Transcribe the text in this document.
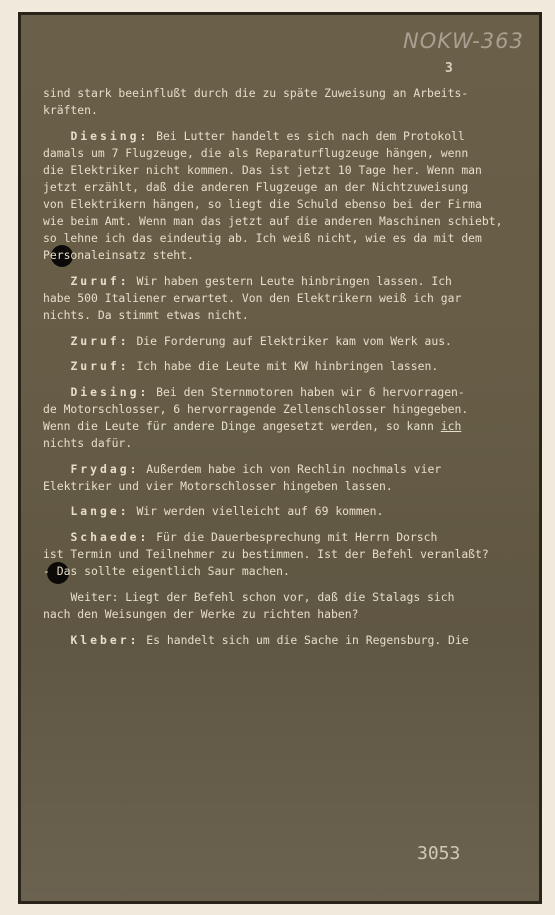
NOKW-363
3

sind stark beeinflußt durch die zu späte Zuweisung an Arbeits-
kräften.

Diesing: Bei Lutter handelt es sich nach dem Protokoll
damals um 7 Flugzeuge, die als Reparaturflugzeuge hängen, wenn
die Elektriker nicht kommen. Das ist jetzt 10 Tage her. Wenn man
jetzt erzählt, daß die anderen Flugzeuge an der Nichtzuweisung
von Elektrikern hängen, so liegt die Schuld ebenso bei der Firma
wie beim Amt. Wenn man das jetzt auf die anderen Maschinen schiebt,
so lehne ich das eindeutig ab. Ich weiß nicht, wie es da mit dem
Personaleinsatz steht.

Zuruf: Wir haben gestern Leute hinbringen lassen. Ich
habe 500 Italiener erwartet. Von den Elektrikern weiß ich gar
nichts. Da stimmt etwas nicht.

Zuruf: Die Forderung auf Elektriker kam vom Werk aus.

Zuruf: Ich habe die Leute mit KW hinbringen lassen.

Diesing: Bei den Sternmotoren haben wir 6 hervorragen-
de Motorschlosser, 6 hervorragende Zellenschlosser hingegeben.
Wenn die Leute für andere Dinge angesetzt werden, so kann ich
nichts dafür.

Frydag: Außerdem habe ich von Rechlin nochmals vier
Elektriker und vier Motorschlosser hingeben lassen.

Lange: Wir werden vielleicht auf 69 kommen.

Schaede: Für die Dauerbesprechung mit Herrn Dorsch
ist Termin und Teilnehmer zu bestimmen. Ist der Befehl veranlaßt?
- Das sollte eigentlich Saur machen.

Weiter: Liegt der Befehl schon vor, daß die Stalags sich
nach den Weisungen der Werke zu richten haben?

Kleber: Es handelt sich um die Sache in Regensburg. Die

3053
